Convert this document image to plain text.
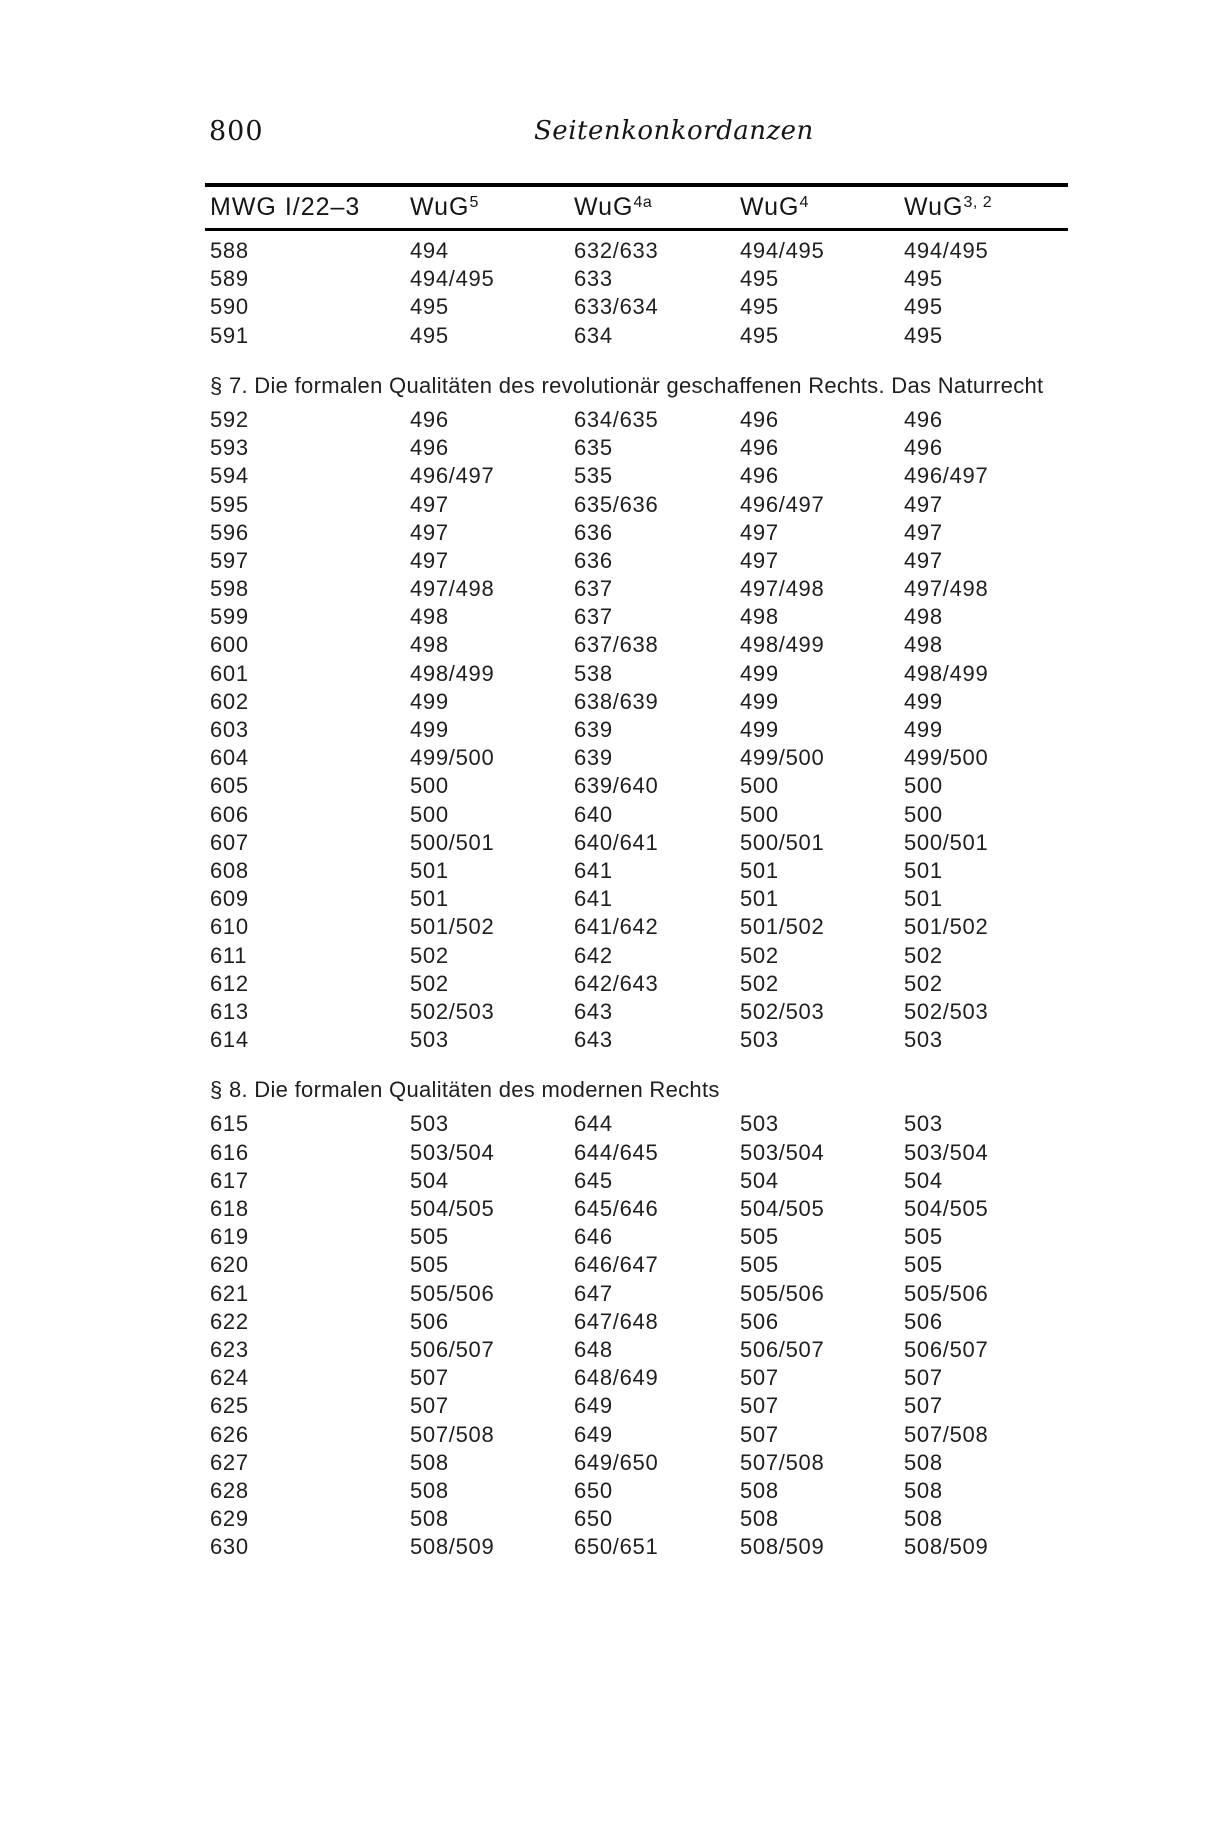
800	Seitenkonkordanzen
MWG I/22–3	WuG$^5$	WuG$^{4a}$	WuG$^4$	WuG$^{3, 2}$
588	494	632/633	494/495	494/495
589	494/495	633	495	495
590	495	633/634	495	495
591	495	634	495	495
§ 7. Die formalen Qualitäten des revolutionär geschaffenen Rechts. Das Naturrecht
592	496	634/635	496	496
593	496	635	496	496
594	496/497	535	496	496/497
595	497	635/636	496/497	497
596	497	636	497	497
597	497	636	497	497
598	497/498	637	497/498	497/498
599	498	637	498	498
600	498	637/638	498/499	498
601	498/499	538	499	498/499
602	499	638/639	499	499
603	499	639	499	499
604	499/500	639	499/500	499/500
605	500	639/640	500	500
606	500	640	500	500
607	500/501	640/641	500/501	500/501
608	501	641	501	501
609	501	641	501	501
610	501/502	641/642	501/502	501/502
611	502	642	502	502
612	502	642/643	502	502
613	502/503	643	502/503	502/503
614	503	643	503	503
§ 8. Die formalen Qualitäten des modernen Rechts
615	503	644	503	503
616	503/504	644/645	503/504	503/504
617	504	645	504	504
618	504/505	645/646	504/505	504/505
619	505	646	505	505
620	505	646/647	505	505
621	505/506	647	505/506	505/506
622	506	647/648	506	506
623	506/507	648	506/507	506/507
624	507	648/649	507	507
625	507	649	507	507
626	507/508	649	507	507/508
627	508	649/650	507/508	508
628	508	650	508	508
629	508	650	508	508
630	508/509	650/651	508/509	508/509
